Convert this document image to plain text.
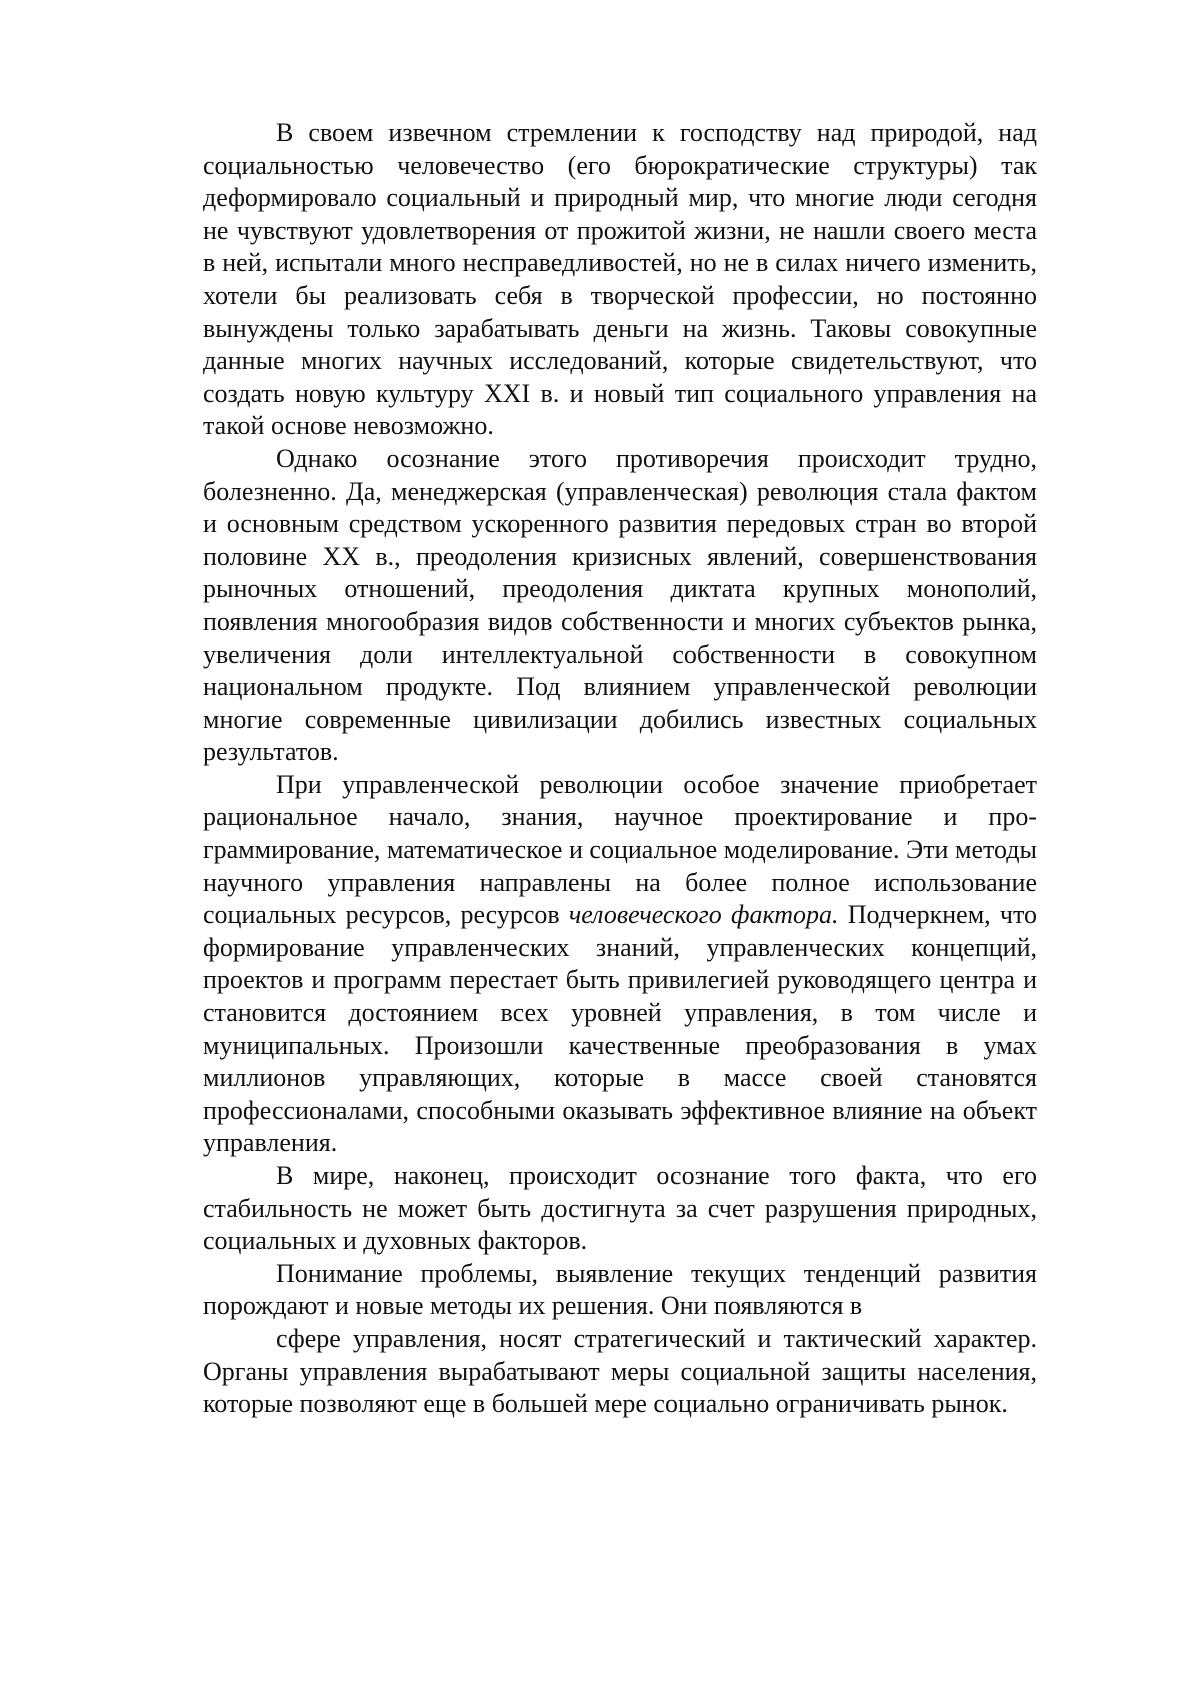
В своем извечном стремлении к господству над природой, над социальностью человечество (его бюрократические структуры) так деформировало социальный и природный мир, что многие люди сегодня не чувствуют удовлетворения от прожитой жизни, не нашли своего места в ней, испытали много несправедливостей, но не в силах ничего изменить, хотели бы реализовать себя в творческой профессии, но постоянно вынуждены только зарабатывать деньги на жизнь. Таковы совокупные данные многих научных исследований, которые свидетельствуют, что создать новую культуру XXI в. и новый тип социального управления на такой основе невозможно.

Однако осознание этого противоречия происходит трудно, болезненно. Да, менеджерская (управленческая) революция стала фактом и основным средством ускоренного развития передовых стран во второй половине XX в., преодоления кризисных явлений, совершенствования рыночных отношений, преодоления диктата крупных монополий, появления многообразия видов собственности и многих субъектов рынка, увеличения доли интеллектуальной собственности в совокупном национальном продукте. Под влиянием управленческой революции многие современные цивилизации добились известных социальных результатов.

При управленческой революции особое значение приобретает рациональное начало, знания, научное проектирование и программирование, математическое и социальное моделирование. Эти методы научного управления направлены на более полное использование социальных ресурсов, ресурсов человеческого фактора. Подчеркнем, что формирование управленческих знаний, управленческих концепций, проектов и программ перестает быть привилегией руководящего центра и становится достоянием всех уровней управления, в том числе и муниципальных. Произошли качественные преобразования в умах миллионов управляющих, которые в массе своей становятся профессионалами, способными оказывать эффективное влияние на объект управления.

В мире, наконец, происходит осознание того факта, что его стабильность не может быть достигнута за счет разрушения природных, социальных и духовных факторов.

Понимание проблемы, выявление текущих тенденций развития порождают и новые методы их решения. Они появляются в

сфере управления, носят стратегический и тактический характер. Органы управления вырабатывают меры социальной защиты населения, которые позволяют еще в большей мере социально ограничивать рынок.
